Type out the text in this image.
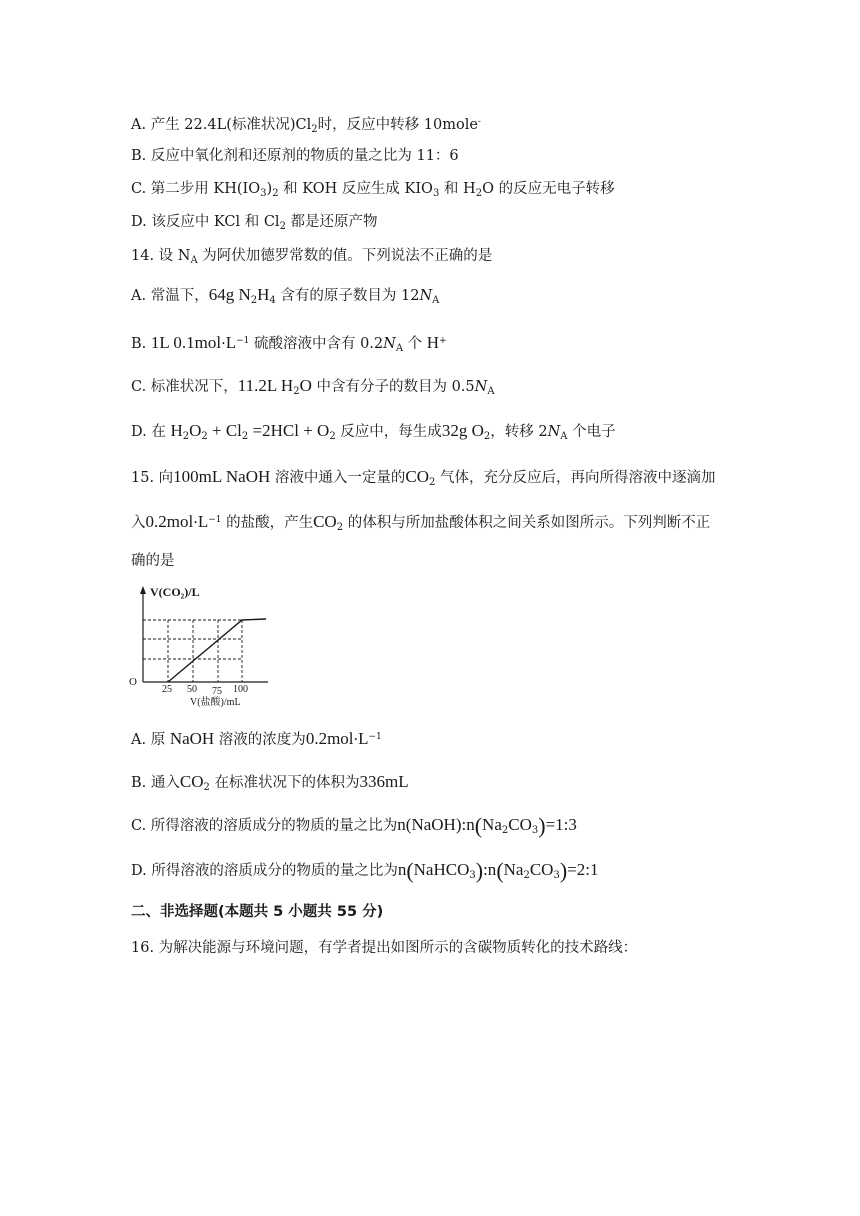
A. 产生 22.4L(标准状况)$Cl_2$时，反应中转移 10mole-
B. 反应中氧化剂和还原剂的物质的量之比为 11：6
C. 第二步用 $KH(IO_3)_2$ 和 KOH 反应生成 $KIO_3$ 和 $H_2O$ 的反应无电子转移
D. 该反应中 KCl 和 $Cl_2$ 都是还原产物
14. 设 $N_A$ 为阿伏加德罗常数的值。下列说法不正确的是
A. 常温下，64g $N_2H_4$ 含有的原子数目为 $12N_A$
B. 1L $0.1mol\cdot L^{-1}$ 硫酸溶液中含有 $0.2N_A$ 个 H+
C. 标准状况下，11.2L $H_2O$ 中含有分子的数目为 $0.5N_A$
D. 在 $H_2O_2 + Cl_2 =2HCl + O_2$ 反应中，每生成32g $O_2$，转移 $2N_A$ 个电子
15. 向100mL NaOH 溶液中通入一定量的$CO_2$ 气体，充分反应后，再向所得溶液中逐滴加
入$0.2mol\cdot L^{-1}$ 的盐酸，产生$CO_2$ 的体积与所加盐酸体积之间关系如图所示。下列判断不正
确的是
V(CO₂)/L
O
25 50 75 100
V(盐酸)/mL
A. 原 NaOH 溶液的浓度为$0.2mol\cdot L^{-1}$
B. 通入$CO_2$ 在标准状况下的体积为336mL
C. 所得溶液的溶质成分的物质的量之比为$n(NaOH):n(Na_2CO_3)=1:3$
D. 所得溶液的溶质成分的物质的量之比为$n(NaHCO_3):n(Na_2CO_3)=2:1$
二、非选择题(本题共 5 小题共 55 分)
16. 为解决能源与环境问题，有学者提出如图所示的含碳物质转化的技术路线：
